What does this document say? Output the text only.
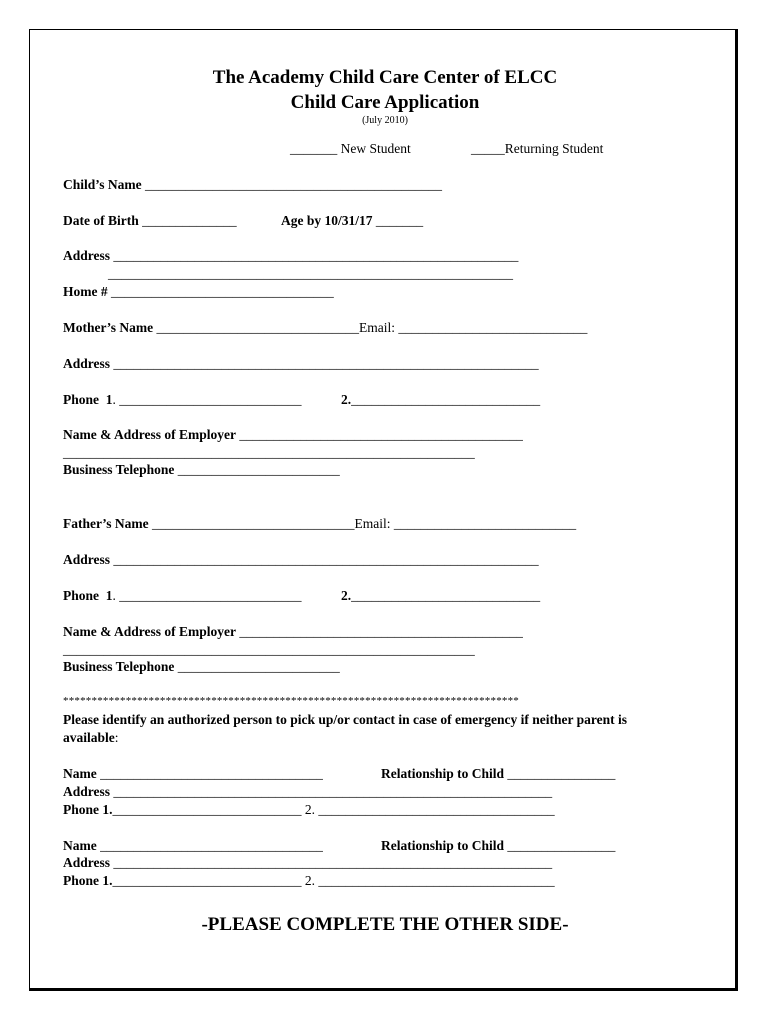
The Academy Child Care Center of ELCC
Child Care Application
(July 2010)
_______ New Student	_____Returning Student
Child’s Name ____________________________________________
Date of Birth ______________	Age by 10/31/17 _______
Address ____________________________________________________________
____________________________________________________________
Home # _________________________________
Mother’s Name ______________________________Email: ____________________________
Address _______________________________________________________________
Phone  1. ___________________________	2.____________________________
Name & Address of Employer __________________________________________
_____________________________________________________________
Business Telephone ________________________
Father’s Name ______________________________Email: ___________________________
Address _______________________________________________________________
Phone  1. ___________________________	2.____________________________
Name & Address of Employer __________________________________________
_____________________________________________________________
Business Telephone ________________________
********************************************************************************
Please identify an authorized person to pick up/or contact in case of emergency if neither parent is
available:
Name _________________________________	Relationship to Child ________________
Address _________________________________________________________________
Phone 1.____________________________ 2. ___________________________________
Name _________________________________	Relationship to Child ________________
Address _________________________________________________________________
Phone 1.____________________________ 2. ___________________________________
-PLEASE COMPLETE THE OTHER SIDE-
